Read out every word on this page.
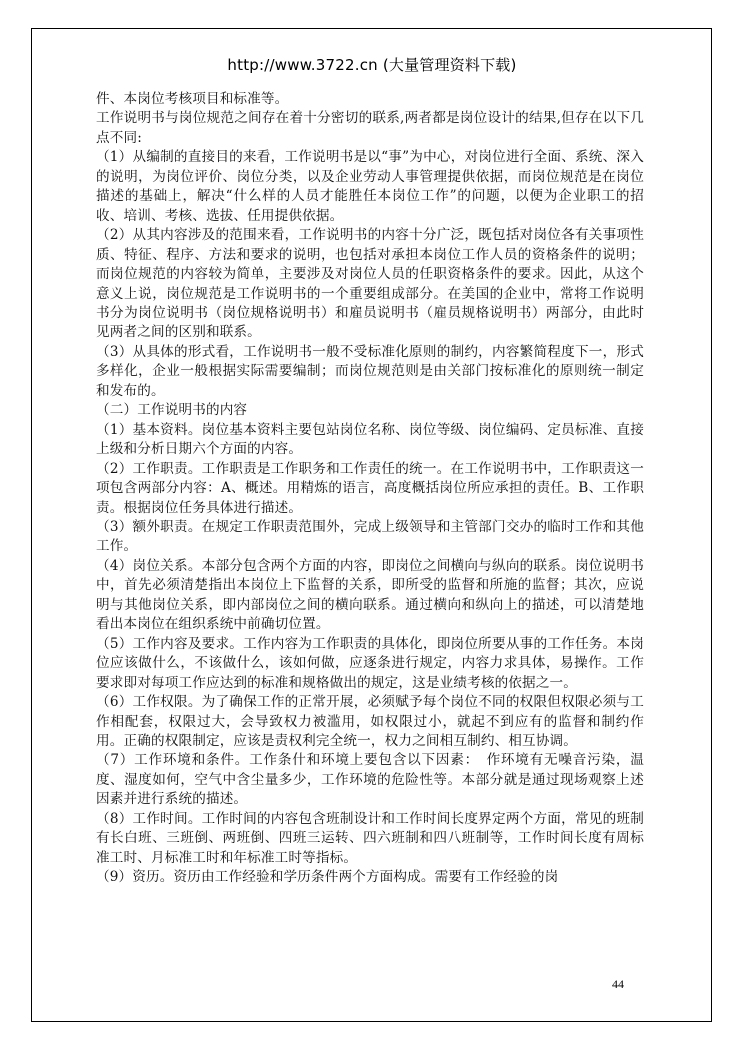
http://www.3722.cn (大量管理资料下载)

件、本岗位考核项目和标准等。

工作说明书与岗位规范之间存在着十分密切的联系,两者都是岗位设计的结果,但存在以下几点不同:

（1）从编制的直接目的来看，工作说明书是以“事”为中心，对岗位进行全面、系统、深入的说明，为岗位评价、岗位分类，以及企业劳动人事管理提供依据，而岗位规范是在岗位描述的基础上，解决“什么样的人员才能胜任本岗位工作”的问题，以便为企业职工的招收、培训、考核、选拔、任用提供依据。

（2）从其内容涉及的范围来看，工作说明书的内容十分广泛，既包括对岗位各有关事项性质、特征、程序、方法和要求的说明，也包括对承担本岗位工作人员的资格条件的说明；而岗位规范的内容较为简单，主要涉及对岗位人员的任职资格条件的要求。因此，从这个意义上说，岗位规范是工作说明书的一个重要组成部分。在美国的企业中，常将工作说明书分为岗位说明书（岗位规格说明书）和雇员说明书（雇员规格说明书）两部分，由此时见两者之间的区别和联系。

（3）从具体的形式看，工作说明书一般不受标准化原则的制约，内容繁简程度下一，形式多样化，企业一般根据实际需要编制；而岗位规范则是由关部门按标准化的原则统一制定和发布的。

（二）工作说明书的内容

（1）基本资料。岗位基本资料主要包站岗位名称、岗位等级、岗位编码、定员标准、直接上级和分析日期六个方面的内容。

（2）工作职责。工作职责是工作职务和工作责任的统一。在工作说明书中，工作职责这一项包含两部分内容：A、概述。用精炼的语言，高度概括岗位所应承担的责任。B、工作职责。根据岗位任务具体进行描述。

（3）额外职责。在规定工作职责范围外，完成上级领导和主管部门交办的临时工作和其他工作。

（4）岗位关系。本部分包含两个方面的内容，即岗位之间横向与纵向的联系。岗位说明书中，首先必须清楚指出本岗位上下监督的关系，即所受的监督和所施的监督；其次，应说明与其他岗位关系，即内部岗位之间的横向联系。通过横向和纵向上的描述，可以清楚地看出本岗位在组织系统中前确切位置。

（5）工作内容及要求。工作内容为工作职责的具体化，即岗位所要从事的工作任务。本岗位应该做什么，不该做什么，该如何做，应逐条进行规定，内容力求具体，易操作。工作要求即对每项工作应达到的标准和规格做出的规定，这是业绩考核的依据之一。

（6）工作权限。为了确保工作的正常开展，必须赋予每个岗位不同的权限但权限必须与工作相配套，权限过大，会导致权力被滥用，如权限过小，就起不到应有的监督和制约作用。正确的权限制定，应该是责权利完全统一，权力之间相互制约、相互协调。

（7）工作环境和条件。工作条什和环境上要包含以下因素：　作环境有无噪音污染，温度、湿度如何，空气中含尘量多少，工作环境的危险性等。本部分就是通过现场观察上述因素并进行系统的描述。

（8）工作时间。工作时间的内容包含班制设计和工作时间长度界定两个方面，常见的班制有长白班、三班倒、两班倒、四班三运转、四六班制和四八班制等，工作时间长度有周标准工时、月标准工时和年标准工时等指标。

（9）资历。资历由工作经验和学历条件两个方面构成。需要有工作经验的岗

44
